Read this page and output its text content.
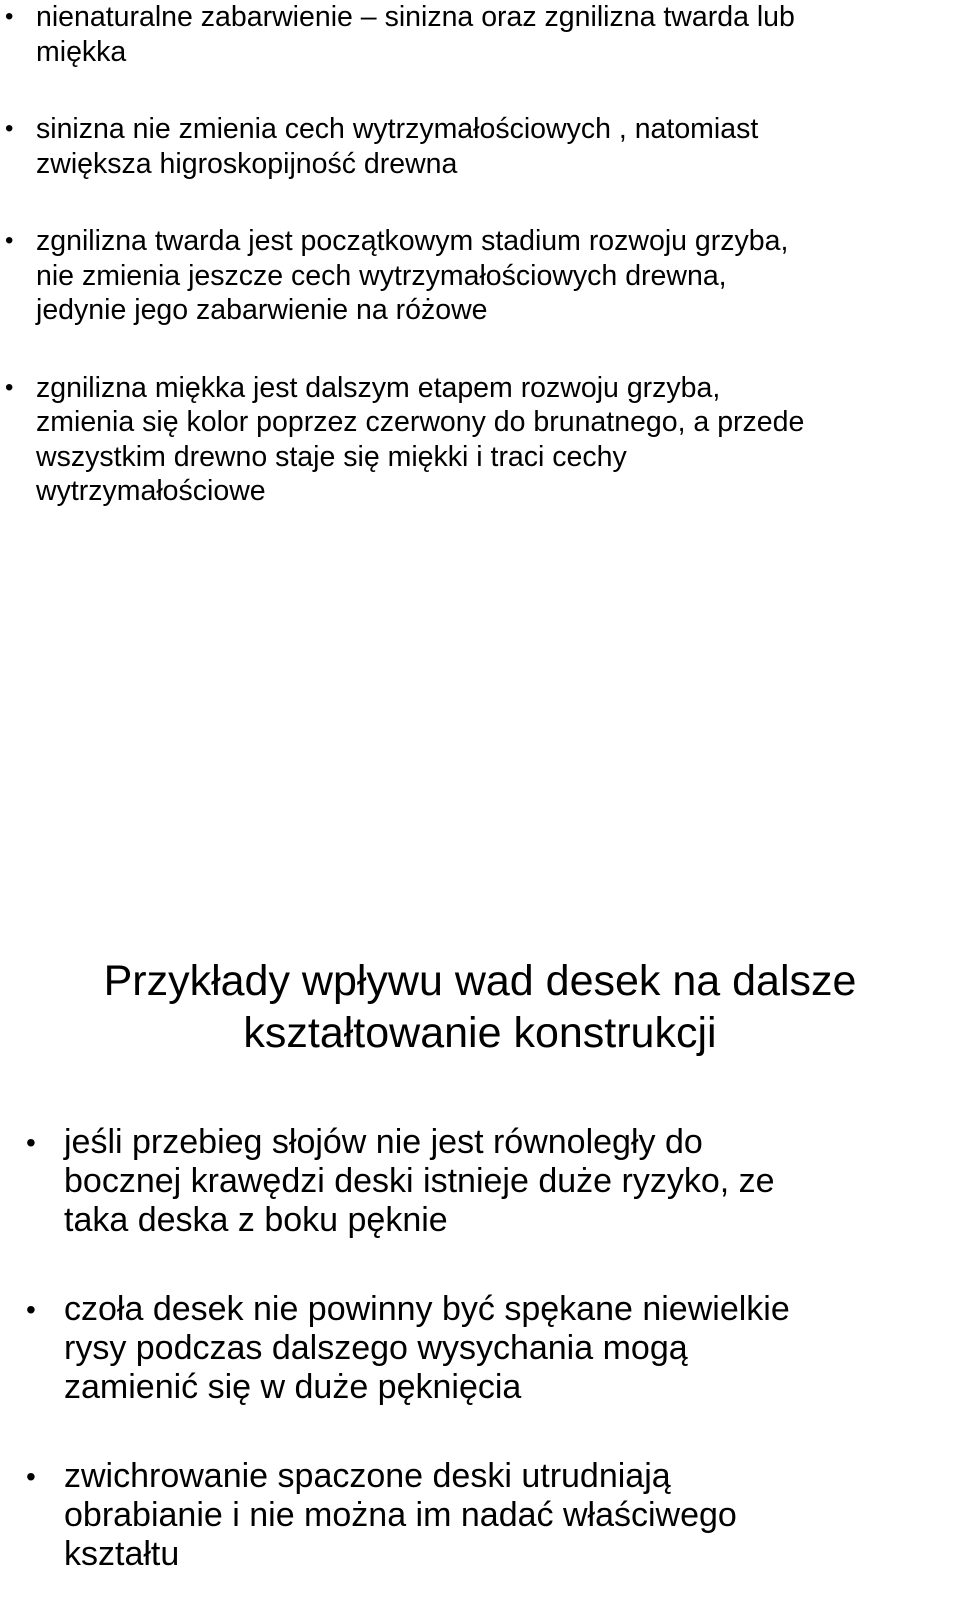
• nienaturalne zabarwienie – sinizna oraz zgnilizna twarda lub
miękka
• sinizna nie zmienia cech wytrzymałościowych , natomiast
zwiększa higroskopijność drewna
• zgnilizna twarda jest początkowym stadium rozwoju grzyba,
nie zmienia jeszcze cech wytrzymałościowych drewna,
jedynie jego zabarwienie na różowe
• zgnilizna miękka jest dalszym etapem rozwoju grzyba,
zmienia się kolor poprzez czerwony do brunatnego, a przede
wszystkim drewno staje się miękki i traci cechy
wytrzymałościowe
Przykłady wpływu wad desek na dalsze
kształtowanie konstrukcji
• jeśli przebieg słojów nie jest równoległy do
bocznej krawędzi deski istnieje duże ryzyko, ze
taka deska z boku pęknie
• czoła desek nie powinny być spękane niewielkie
rysy podczas dalszego wysychania mogą
zamienić się w duże pęknięcia
• zwichrowanie spaczone deski utrudniają
obrabianie i nie można im nadać właściwego
kształtu
